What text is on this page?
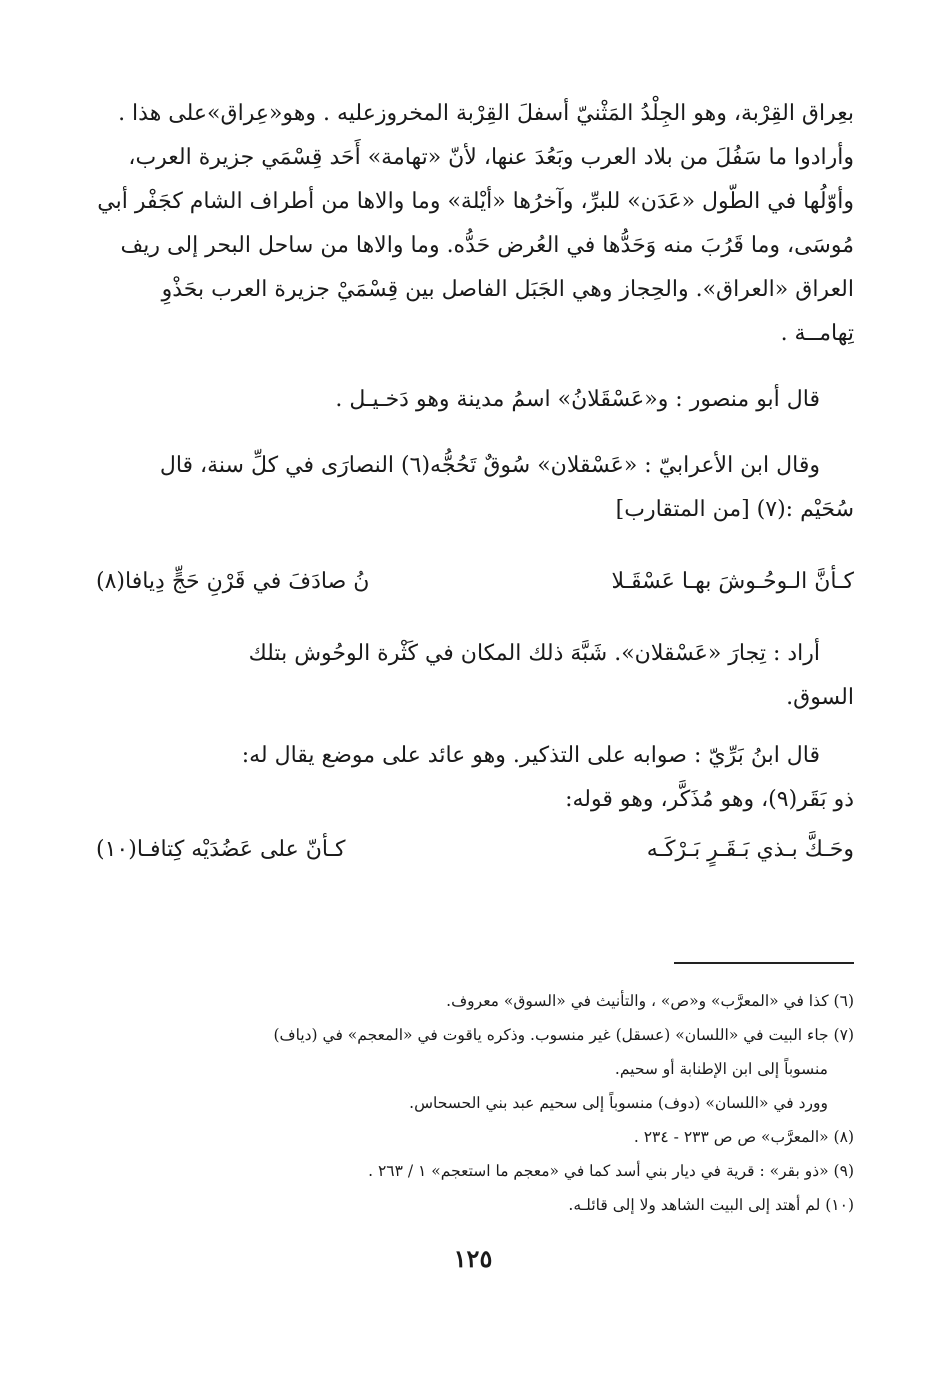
بعِراق القِرْبة، وهو الجِلْدُ المَثْنيّ أسفلَ القِرْبة المخروزعليه . وهو«عِراق»على هذا .
وأرادوا ما سَفُلَ من بلاد العرب وبَعُدَ عنها، لأنّ «تهامة» أَحَد قِسْمَي جزيرة العرب،
وأوّلُها في الطّول «عَدَن» للبرِّ، وآخرُها «أيْلة» وما والاها من أطراف الشام كجَفْر أبي
مُوسَى، وما قَرُبَ منه وَحَدُّها في العُرض حَدُّه. وما والاها من ساحل البحر إلى ريف
العراق «العراق». والحِجاز وهي الجَبَل الفاصل بين قِسْمَيْ جزيرة العرب بحَذْوِ
تِهامــة .
قال أبو منصور : و«عَسْقَلانُ» اسمُ مدينة وهو دَخـيـل .
وقال ابن الأعرابيّ : «عَسْقلان» سُوقٌ تَحُجُّه(٦) النصارَى في كلِّ سنة، قال
سُحَيْم :(٧) [من المتقارب]
كـأنَّ الـوحُـوشَ بهـا عَسْقَـلا
نُ صادَفَ في قَرْنِ حَجٍّ دِيافا(٨)
أراد : تِجارَ «عَسْقلان». شَبَّهَ ذلك المكان في كَثْرة الوحُوش بتلك
السوق.
قال ابنُ بَرِّيّ : صوابه على التذكير. وهو عائد على موضع يقال له:
ذو بَقَر(٩)، وهو مُذَكَّر، وهو قوله:
وحَـكَّ بـذي بَـقَـرٍ بَـرْكَـه
كـأنّ على عَضُدَيْه كِتافـا(١٠)
(٦) كذا في «المعرَّب» و«ص» ، والتأنيث في «السوق» معروف.
(٧) جاء البيت في «اللسان» (عسقل) غير منسوب. وذكره ياقوت في «المعجم» في (دياف)
منسوباً إلى ابن الإطنابة أو سحيم.
وورد في «اللسان» (دوف) منسوباً إلى سحيم عبد بني الحسحاس.
(٨) «المعرَّب» ص ص ٢٣٣ - ٢٣٤ .
(٩) «ذو بقر» : قرية في ديار بني أسد كما في «معجم ما استعجم» ١ / ٢٦٣ .
(١٠) لم أهتد إلى البيت الشاهد ولا إلى قائلـه.
١٢٥
